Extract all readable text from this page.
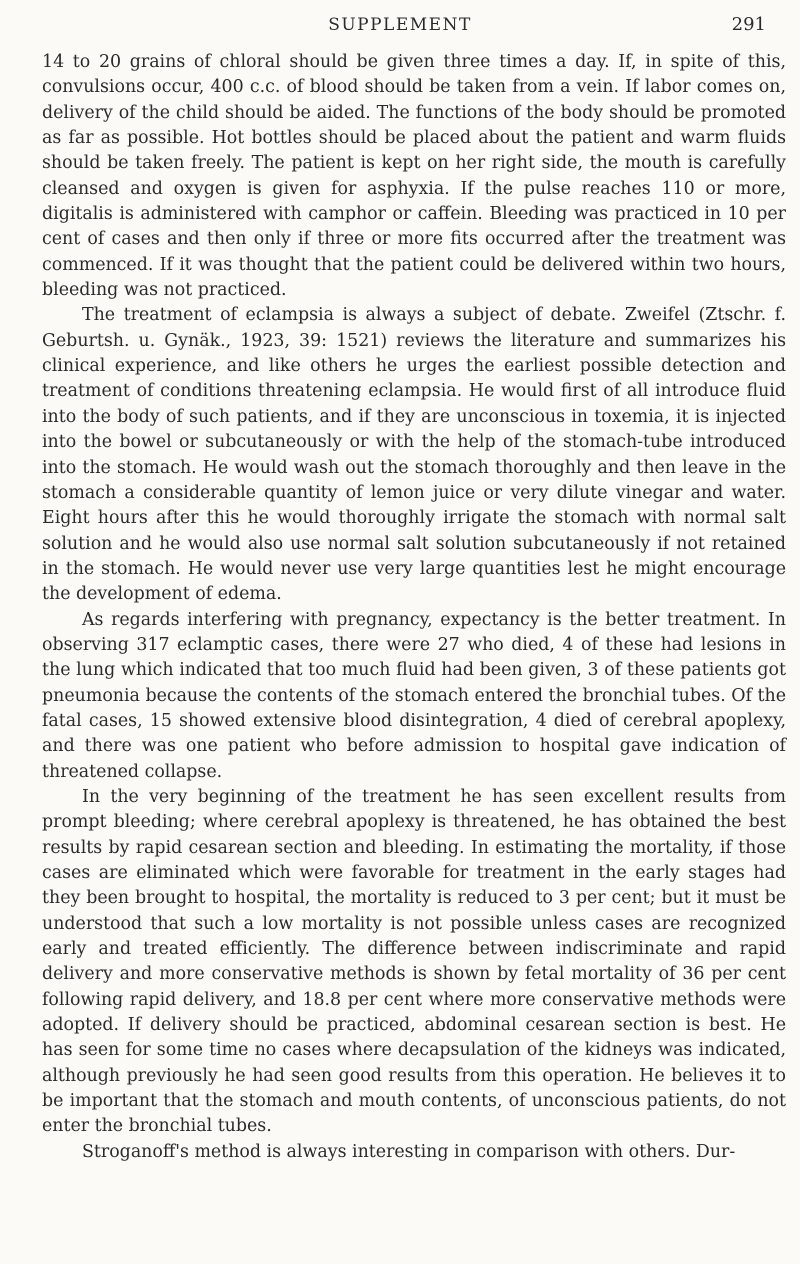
SUPPLEMENT	291

14 to 20 grains of chloral should be given three times a day. If, in spite of this, convulsions occur, 400 c.c. of blood should be taken from a vein. If labor comes on, delivery of the child should be aided. The functions of the body should be promoted as far as possible. Hot bottles should be placed about the patient and warm fluids should be taken freely. The patient is kept on her right side, the mouth is carefully cleansed and oxygen is given for asphyxia. If the pulse reaches 110 or more, digitalis is administered with camphor or caffein. Bleeding was practiced in 10 per cent of cases and then only if three or more fits occurred after the treatment was commenced. If it was thought that the patient could be delivered within two hours, bleeding was not practiced.

The treatment of eclampsia is always a subject of debate. Zweifel (Ztschr. f. Geburtsh. u. Gynäk., 1923, 39: 1521) reviews the literature and summarizes his clinical experience, and like others he urges the earliest possible detection and treatment of conditions threatening eclampsia. He would first of all introduce fluid into the body of such patients, and if they are unconscious in toxemia, it is injected into the bowel or subcutaneously or with the help of the stomach-tube introduced into the stomach. He would wash out the stomach thoroughly and then leave in the stomach a considerable quantity of lemon juice or very dilute vinegar and water. Eight hours after this he would thoroughly irrigate the stomach with normal salt solution and he would also use normal salt solution subcutaneously if not retained in the stomach. He would never use very large quantities lest he might encourage the development of edema.

As regards interfering with pregnancy, expectancy is the better treatment. In observing 317 eclamptic cases, there were 27 who died, 4 of these had lesions in the lung which indicated that too much fluid had been given, 3 of these patients got pneumonia because the contents of the stomach entered the bronchial tubes. Of the fatal cases, 15 showed extensive blood disintegration, 4 died of cerebral apoplexy, and there was one patient who before admission to hospital gave indication of threatened collapse.

In the very beginning of the treatment he has seen excellent results from prompt bleeding; where cerebral apoplexy is threatened, he has obtained the best results by rapid cesarean section and bleeding. In estimating the mortality, if those cases are eliminated which were favorable for treatment in the early stages had they been brought to hospital, the mortality is reduced to 3 per cent; but it must be understood that such a low mortality is not possible unless cases are recognized early and treated efficiently. The difference between indiscriminate and rapid delivery and more conservative methods is shown by fetal mortality of 36 per cent following rapid delivery, and 18.8 per cent where more conservative methods were adopted. If delivery should be practiced, abdominal cesarean section is best. He has seen for some time no cases where decapsulation of the kidneys was indicated, although previously he had seen good results from this operation. He believes it to be important that the stomach and mouth contents, of unconscious patients, do not enter the bronchial tubes.

Stroganoff's method is always interesting in comparison with others. Dur-
